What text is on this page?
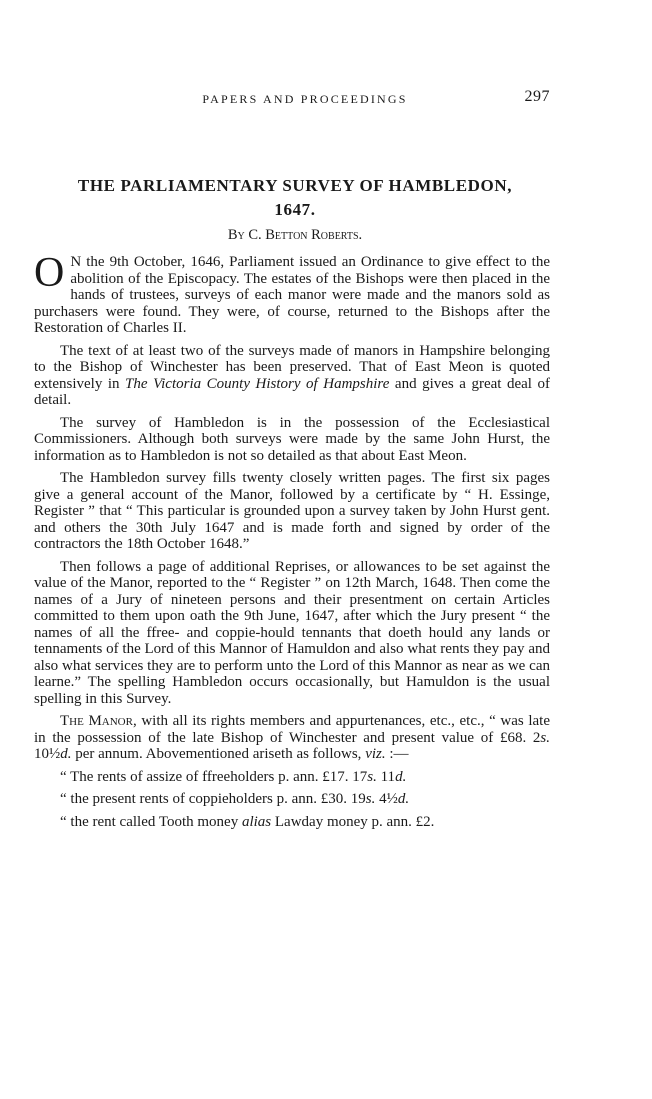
PAPERS AND PROCEEDINGS	297
THE PARLIAMENTARY SURVEY OF HAMBLEDON,
1647.

By C. Betton Roberts.

O N the 9th October, 1646, Parliament issued an Ordinance to give effect to the abolition of the Episcopacy. The estates of the Bishops were then placed in the hands of trustees, surveys of each manor were made and the manors sold as purchasers were found. They were, of course, returned to the Bishops after the Restoration of Charles II.

The text of at least two of the surveys made of manors in Hampshire belonging to the Bishop of Winchester has been preserved. That of East Meon is quoted extensively in The Victoria County History of Hampshire and gives a great deal of detail.

The survey of Hambledon is in the possession of the Ecclesiastical Commissioners. Although both surveys were made by the same John Hurst, the information as to Hambledon is not so detailed as that about East Meon.

The Hambledon survey fills twenty closely written pages. The first six pages give a general account of the Manor, followed by a certificate by “ H. Essinge, Register ” that “ This particular is grounded upon a survey taken by John Hurst gent. and others the 30th July 1647 and is made forth and signed by order of the contractors the 18th October 1648.”

Then follows a page of additional Reprises, or allowances to be set against the value of the Manor, reported to the “ Register ” on 12th March, 1648. Then come the names of a Jury of nineteen persons and their presentment on certain Articles committed to them upon oath the 9th June, 1647, after which the Jury present “ the names of all the ffree- and coppie-hould tennants that doeth hould any lands or tennaments of the Lord of this Mannor of Hamuldon and also what rents they pay and also what services they are to perform unto the Lord of this Mannor as near as we can learne.” The spelling Hambledon occurs occasionally, but Hamuldon is the usual spelling in this Survey.

The Manor, with all its rights members and appurtenances, etc., etc., “ was late in the possession of the late Bishop of Winchester and present value of £68. 2s. 10½d. per annum. Abovementioned ariseth as follows, viz. :—

“ The rents of assize of ffreeholders p. ann. £17. 17s. 11d.

“ the present rents of coppieholders p. ann. £30. 19s. 4½d.

“ the rent called Tooth money alias Lawday money p. ann. £2.
